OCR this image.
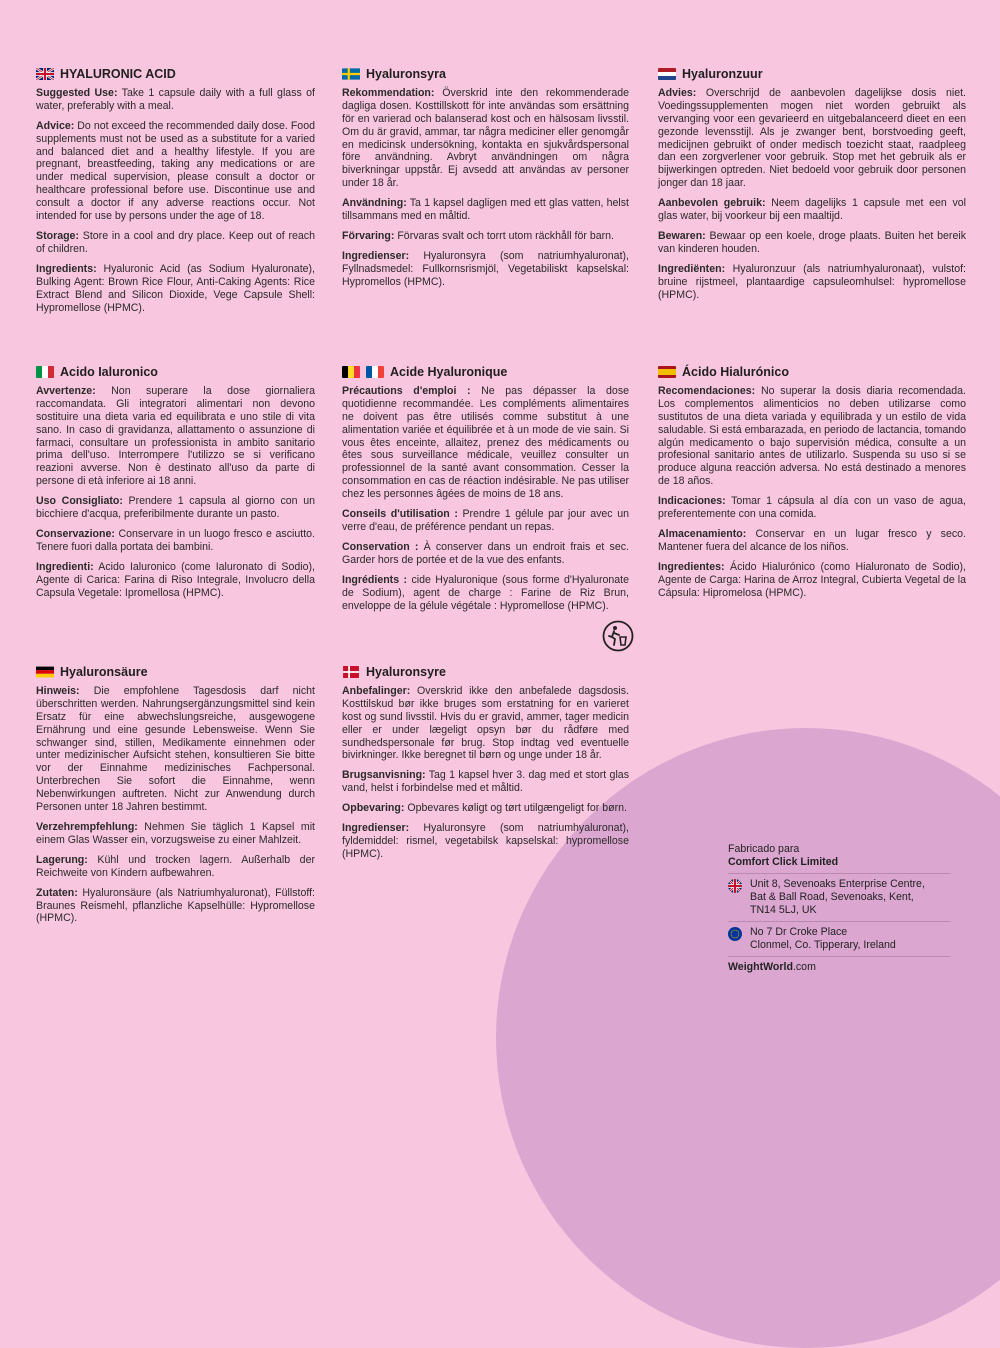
HYALURONIC ACID

Suggested Use: Take 1 capsule daily with a full glass of water, preferably with a meal.

Advice: Do not exceed the recommended daily dose. Food supplements must not be used as a substitute for a varied and balanced diet and a healthy lifestyle. If you are pregnant, breastfeeding, taking any medications or are under medical supervision, please consult a doctor or healthcare professional before use. Discontinue use and consult a doctor if any adverse reactions occur. Not intended for use by persons under the age of 18.

Storage: Store in a cool and dry place. Keep out of reach of children.

Ingredients: Hyaluronic Acid (as Sodium Hyaluronate), Bulking Agent: Brown Rice Flour, Anti-Caking Agents: Rice Extract Blend and Silicon Dioxide, Vege Capsule Shell: Hypromellose (HPMC).

Hyaluronsyra

Rekommendation: Överskrid inte den rekommenderade dagliga dosen. Kosttillskott för inte användas som ersättning för en varierad och balanserad kost och en hälsosam livsstil. Om du är gravid, ammar, tar några mediciner eller genomgår en medicinsk undersökning, kontakta en sjukvårdspersonal före användning. Avbryt användningen om några biverkningar uppstår. Ej avsedd att användas av personer under 18 år.

Användning: Ta 1 kapsel dagligen med ett glas vatten, helst tillsammans med en måltid.

Förvaring: Förvaras svalt och torrt utom räckhåll för barn.

Ingredienser: Hyaluronsyra (som natriumhyaluronat), Fyllnadsmedel: Fullkornsrismjöl, Vegetabiliskt kapselskal: Hypromellos (HPMC).

Hyaluronzuur

Advies: Overschrijd de aanbevolen dagelijkse dosis niet. Voedingssupplementen mogen niet worden gebruikt als vervanging voor een gevarieerd en uitgebalanceerd dieet en een gezonde levensstijl. Als je zwanger bent, borstvoeding geeft, medicijnen gebruikt of onder medisch toezicht staat, raadpleeg dan een zorgverlener voor gebruik. Stop met het gebruik als er bijwerkingen optreden. Niet bedoeld voor gebruik door personen jonger dan 18 jaar.

Aanbevolen gebruik: Neem dagelijks 1 capsule met een vol glas water, bij voorkeur bij een maaltijd.

Bewaren: Bewaar op een koele, droge plaats. Buiten het bereik van kinderen houden.

Ingrediënten: Hyaluronzuur (als natriumhyaluronaat), vulstof: bruine rijstmeel, plantaardige capsuleomhulsel: hypromellose (HPMC).

Acido Ialuronico

Avvertenze: Non superare la dose giornaliera raccomandata. Gli integratori alimentari non devono sostituire una dieta varia ed equilibrata e uno stile di vita sano. In caso di gravidanza, allattamento o assunzione di farmaci, consultare un professionista in ambito sanitario prima dell'uso. Interrompere l'utilizzo se si verificano reazioni avverse. Non è destinato all'uso da parte di persone di età inferiore ai 18 anni.

Uso Consigliato: Prendere 1 capsula al giorno con un bicchiere d'acqua, preferibilmente durante un pasto.

Conservazione: Conservare in un luogo fresco e asciutto. Tenere fuori dalla portata dei bambini.

Ingredienti: Acido Ialuronico (come Ialuronato di Sodio), Agente di Carica: Farina di Riso Integrale, Involucro della Capsula Vegetale: Ipromellosa (HPMC).

Acide Hyaluronique

Précautions d'emploi : Ne pas dépasser la dose quotidienne recommandée. Les compléments alimentaires ne doivent pas être utilisés comme substitut à une alimentation variée et équilibrée et à un mode de vie sain. Si vous êtes enceinte, allaitez, prenez des médicaments ou êtes sous surveillance médicale, veuillez consulter un professionnel de la santé avant consommation. Cesser la consommation en cas de réaction indésirable. Ne pas utiliser chez les personnes âgées de moins de 18 ans.

Conseils d'utilisation : Prendre 1 gélule par jour avec un verre d'eau, de préférence pendant un repas.

Conservation : À conserver dans un endroit frais et sec. Garder hors de portée et de la vue des enfants.

Ingrédients : cide Hyaluronique (sous forme d'Hyaluronate de Sodium), agent de charge : Farine de Riz Brun, enveloppe de la gélule végétale : Hypromellose (HPMC).

Ácido Hialurónico

Recomendaciones: No superar la dosis diaria recomendada. Los complementos alimenticios no deben utilizarse como sustitutos de una dieta variada y equilibrada y un estilo de vida saludable. Si está embarazada, en periodo de lactancia, tomando algún medicamento o bajo supervisión médica, consulte a un profesional sanitario antes de utilizarlo. Suspenda su uso si se produce alguna reacción adversa. No está destinado a menores de 18 años.

Indicaciones: Tomar 1 cápsula al día con un vaso de agua, preferentemente con una comida.

Almacenamiento: Conservar en un lugar fresco y seco. Mantener fuera del alcance de los niños.

Ingredientes: Ácido Hialurónico (como Hialuronato de Sodio), Agente de Carga: Harina de Arroz Integral, Cubierta Vegetal de la Cápsula: Hipromelosa (HPMC).

Hyaluronsäure

Hinweis: Die empfohlene Tagesdosis darf nicht überschritten werden. Nahrungsergänzungsmittel sind kein Ersatz für eine abwechslungsreiche, ausgewogene Ernährung und eine gesunde Lebensweise. Wenn Sie schwanger sind, stillen, Medikamente einnehmen oder unter medizinischer Aufsicht stehen, konsultieren Sie bitte vor der Einnahme medizinisches Fachpersonal. Unterbrechen Sie sofort die Einnahme, wenn Nebenwirkungen auftreten. Nicht zur Anwendung durch Personen unter 18 Jahren bestimmt.

Verzehrempfehlung: Nehmen Sie täglich 1 Kapsel mit einem Glas Wasser ein, vorzugsweise zu einer Mahlzeit.

Lagerung: Kühl und trocken lagern. Außerhalb der Reichweite von Kindern aufbewahren.

Zutaten: Hyaluronsäure (als Natriumhyaluronat), Füllstoff: Braunes Reismehl, pflanzliche Kapselhülle: Hypromellose (HPMC).

Hyaluronsyre

Anbefalinger: Overskrid ikke den anbefalede dagsdosis. Kosttilskud bør ikke bruges som erstatning for en varieret kost og sund livsstil. Hvis du er gravid, ammer, tager medicin eller er under lægeligt opsyn bør du rådføre med sundhedspersonale før brug. Stop indtag ved eventuelle bivirkninger. Ikke beregnet til børn og unge under 18 år.

Brugsanvisning: Tag 1 kapsel hver 3. dag med et stort glas vand, helst i forbindelse med et måltid.

Opbevaring: Opbevares køligt og tørt utilgængeligt for børn.

Ingredienser: Hyaluronsyre (som natriumhyaluronat), fyldemiddel: rismel, vegetabilsk kapselskal: hypromellose (HPMC).	Fabricado para
Comfort Click Limited
Unit 8, Sevenoaks Enterprise Centre,
Bat & Ball Road, Sevenoaks, Kent,
TN14 5LJ, UK
No 7 Dr Croke Place
Clonmel, Co. Tipperary, Ireland
WeightWorld.com
